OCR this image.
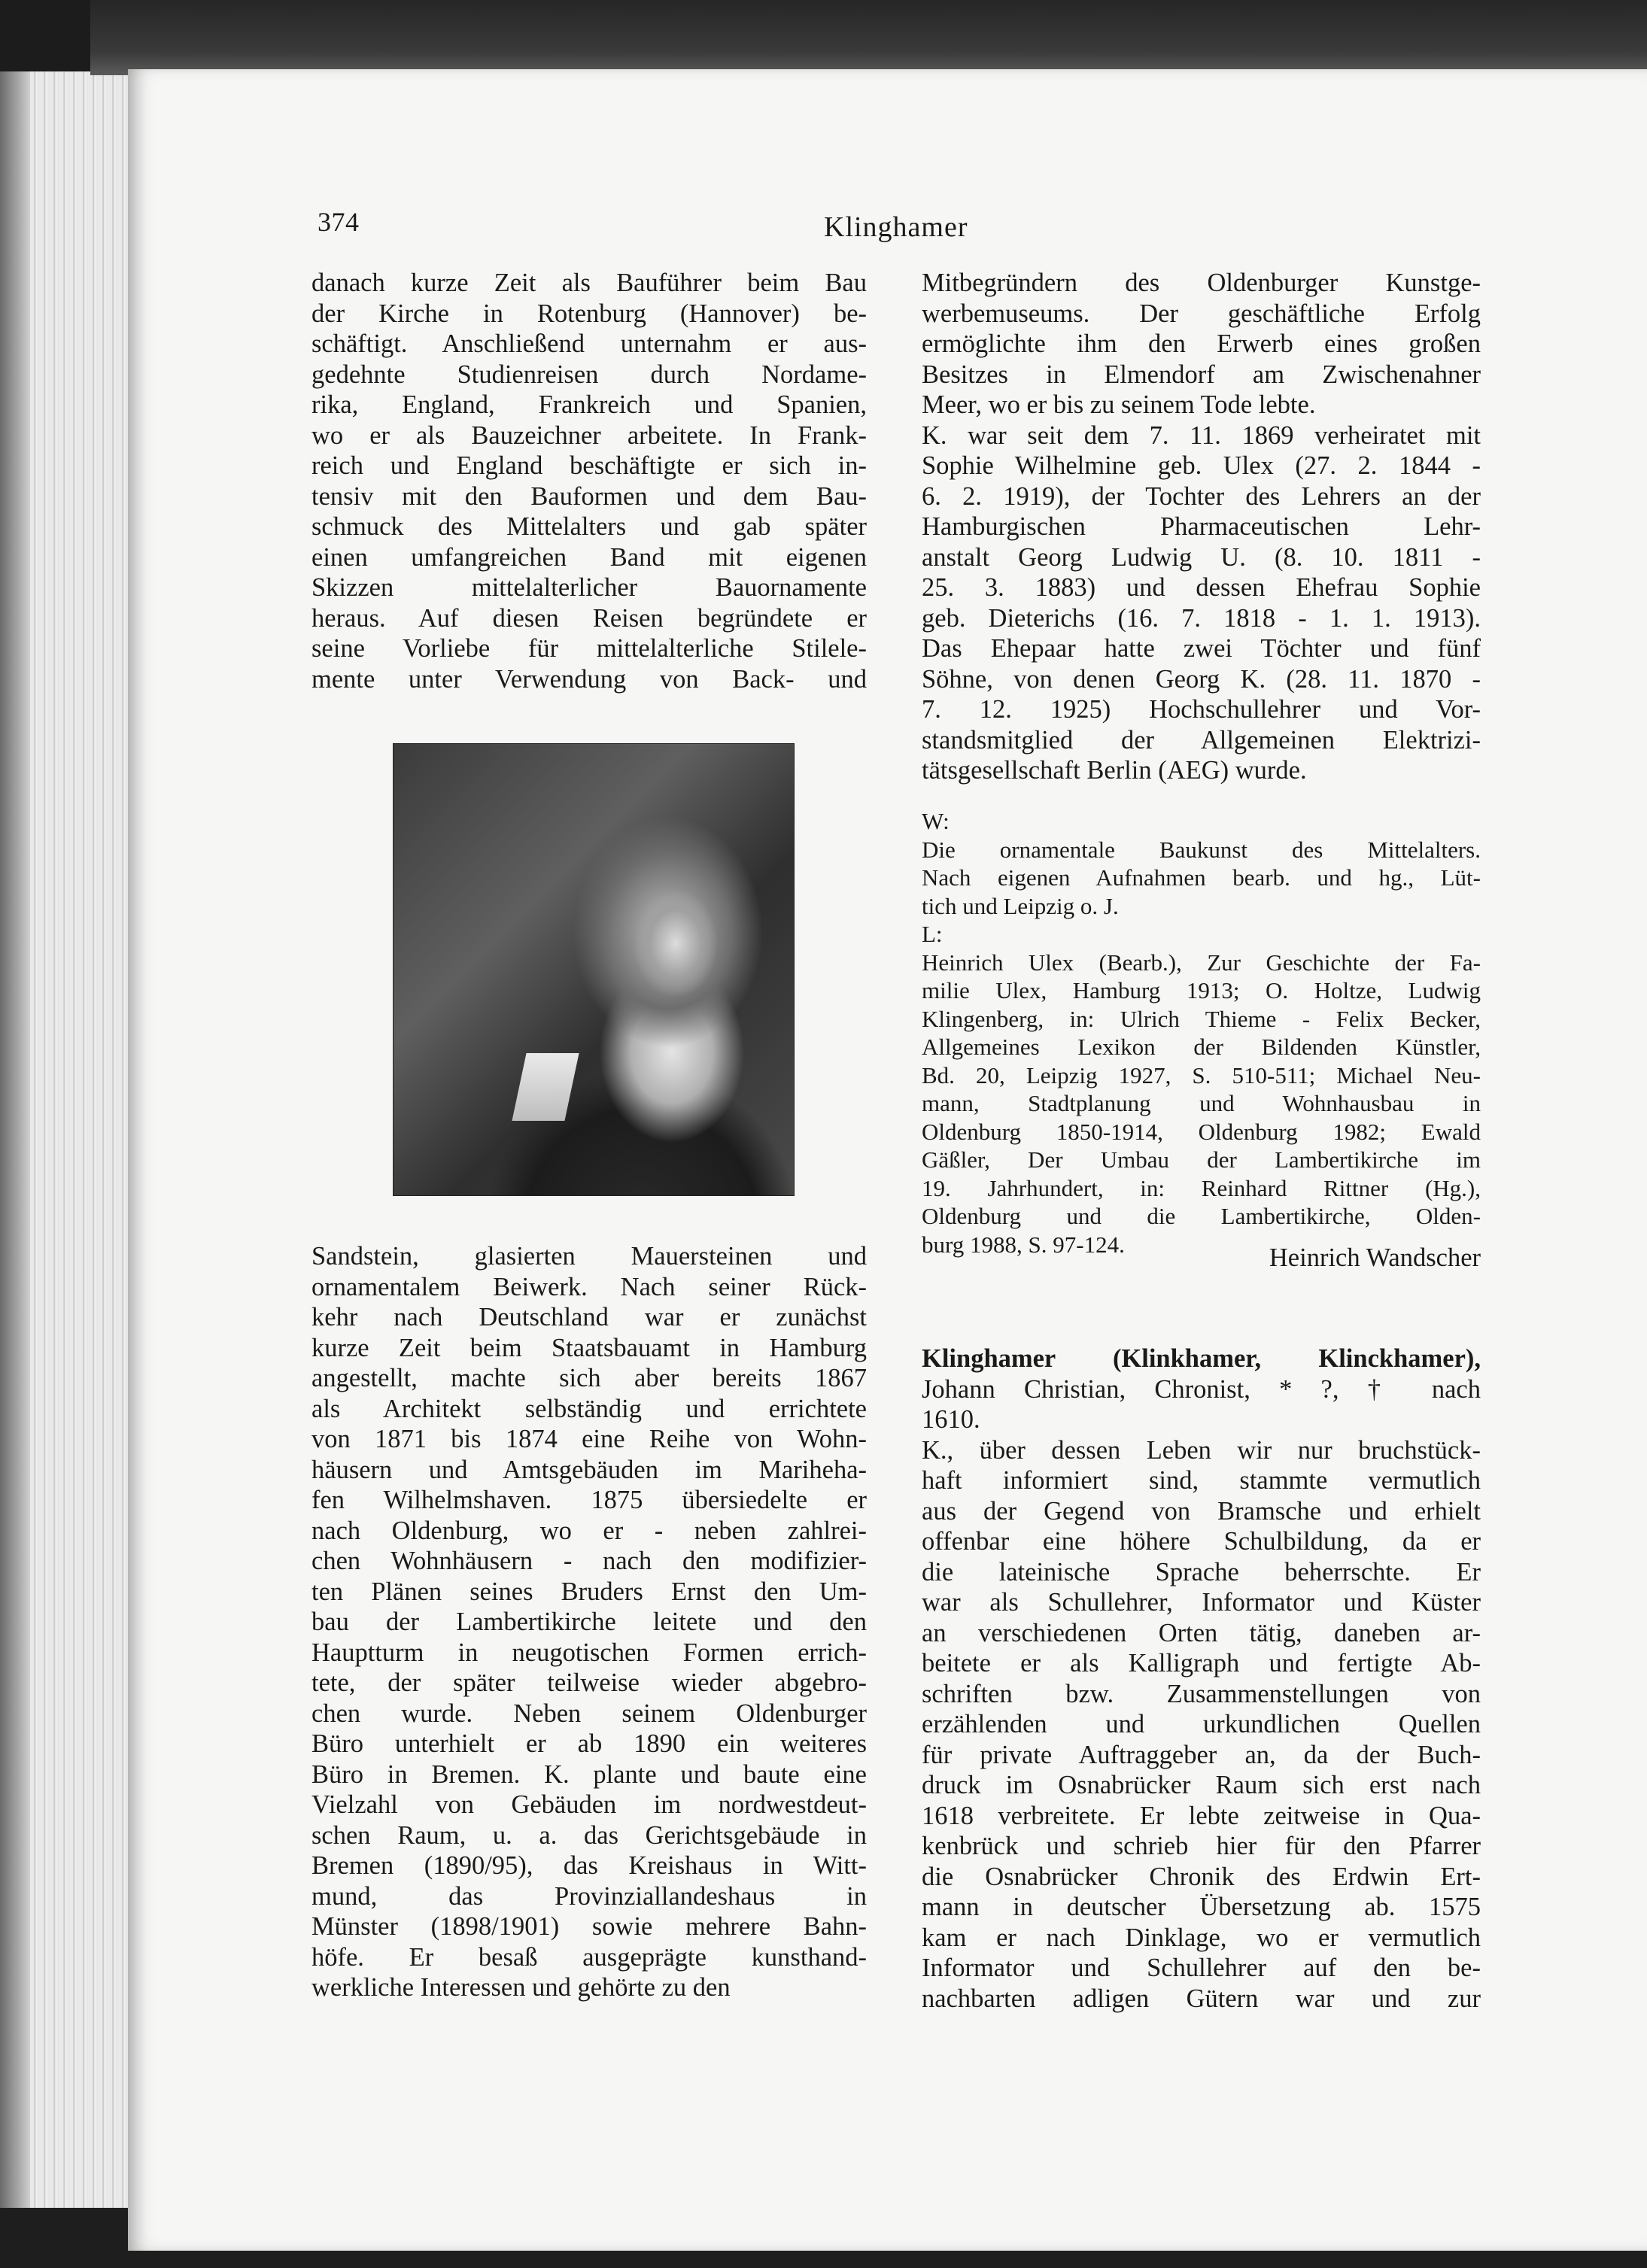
374	Klinghamer
danach kurze Zeit als Bauführer beim Bau
der Kirche in Rotenburg (Hannover) be-
schäftigt. Anschließend unternahm er aus-
gedehnte Studienreisen durch Nordame-
rika, England, Frankreich und Spanien,
wo er als Bauzeichner arbeitete. In Frank-
reich und England beschäftigte er sich in-
tensiv mit den Bauformen und dem Bau-
schmuck des Mittelalters und gab später
einen umfangreichen Band mit eigenen
Skizzen mittelalterlicher Bauornamente
heraus. Auf diesen Reisen begründete er
seine Vorliebe für mittelalterliche Stilele-
mente unter Verwendung von Back- und
Sandstein, glasierten Mauersteinen und
ornamentalem Beiwerk. Nach seiner Rück-
kehr nach Deutschland war er zunächst
kurze Zeit beim Staatsbauamt in Hamburg
angestellt, machte sich aber bereits 1867
als Architekt selbständig und errichtete
von 1871 bis 1874 eine Reihe von Wohn-
häusern und Amtsgebäuden im Mariheha-
fen Wilhelmshaven. 1875 übersiedelte er
nach Oldenburg, wo er - neben zahlrei-
chen Wohnhäusern - nach den modifizier-
ten Plänen seines Bruders Ernst den Um-
bau der Lambertikirche leitete und den
Hauptturm in neugotischen Formen errich-
tete, der später teilweise wieder abgebro-
chen wurde. Neben seinem Oldenburger
Büro unterhielt er ab 1890 ein weiteres
Büro in Bremen. K. plante und baute eine
Vielzahl von Gebäuden im nordwestdeut-
schen Raum, u. a. das Gerichtsgebäude in
Bremen (1890/95), das Kreishaus in Witt-
mund, das Provinziallandeshaus in
Münster (1898/1901) sowie mehrere Bahn-
höfe. Er besaß ausgeprägte kunsthand-
werkliche Interessen und gehörte zu den
Mitbegründern des Oldenburger Kunstge-
werbemuseums. Der geschäftliche Erfolg
ermöglichte ihm den Erwerb eines großen
Besitzes in Elmendorf am Zwischenahner
Meer, wo er bis zu seinem Tode lebte.
K. war seit dem 7. 11. 1869 verheiratet mit
Sophie Wilhelmine geb. Ulex (27. 2. 1844 -
6. 2. 1919), der Tochter des Lehrers an der
Hamburgischen Pharmaceutischen Lehr-
anstalt Georg Ludwig U. (8. 10. 1811 -
25. 3. 1883) und dessen Ehefrau Sophie
geb. Dieterichs (16. 7. 1818 - 1. 1. 1913).
Das Ehepaar hatte zwei Töchter und fünf
Söhne, von denen Georg K. (28. 11. 1870 -
7. 12. 1925) Hochschullehrer und Vor-
standsmitglied der Allgemeinen Elektrizi-
tätsgesellschaft Berlin (AEG) wurde.
W:
Die ornamentale Baukunst des Mittelalters.
Nach eigenen Aufnahmen bearb. und hg., Lüt-
tich und Leipzig o. J.
L:
Heinrich Ulex (Bearb.), Zur Geschichte der Fa-
milie Ulex, Hamburg 1913; O. Holtze, Ludwig
Klingenberg, in: Ulrich Thieme - Felix Becker,
Allgemeines Lexikon der Bildenden Künstler,
Bd. 20, Leipzig 1927, S. 510-511; Michael Neu-
mann, Stadtplanung und Wohnhausbau in
Oldenburg 1850-1914, Oldenburg 1982; Ewald
Gäßler, Der Umbau der Lambertikirche im
19. Jahrhundert, in: Reinhard Rittner (Hg.),
Oldenburg und die Lambertikirche, Olden-
burg 1988, S. 97-124.	Heinrich Wandscher
Klinghamer (Klinkhamer, Klinckhamer),
Johann Christian, Chronist, * ?, † nach
1610.
K., über dessen Leben wir nur bruchstück-
haft informiert sind, stammte vermutlich
aus der Gegend von Bramsche und erhielt
offenbar eine höhere Schulbildung, da er
die lateinische Sprache beherrschte. Er
war als Schullehrer, Informator und Küster
an verschiedenen Orten tätig, daneben ar-
beitete er als Kalligraph und fertigte Ab-
schriften bzw. Zusammenstellungen von
erzählenden und urkundlichen Quellen
für private Auftraggeber an, da der Buch-
druck im Osnabrücker Raum sich erst nach
1618 verbreitete. Er lebte zeitweise in Qua-
kenbrück und schrieb hier für den Pfarrer
die Osnabrücker Chronik des Erdwin Ert-
mann in deutscher Übersetzung ab. 1575
kam er nach Dinklage, wo er vermutlich
Informator und Schullehrer auf den be-
nachbarten adligen Gütern war und zur
